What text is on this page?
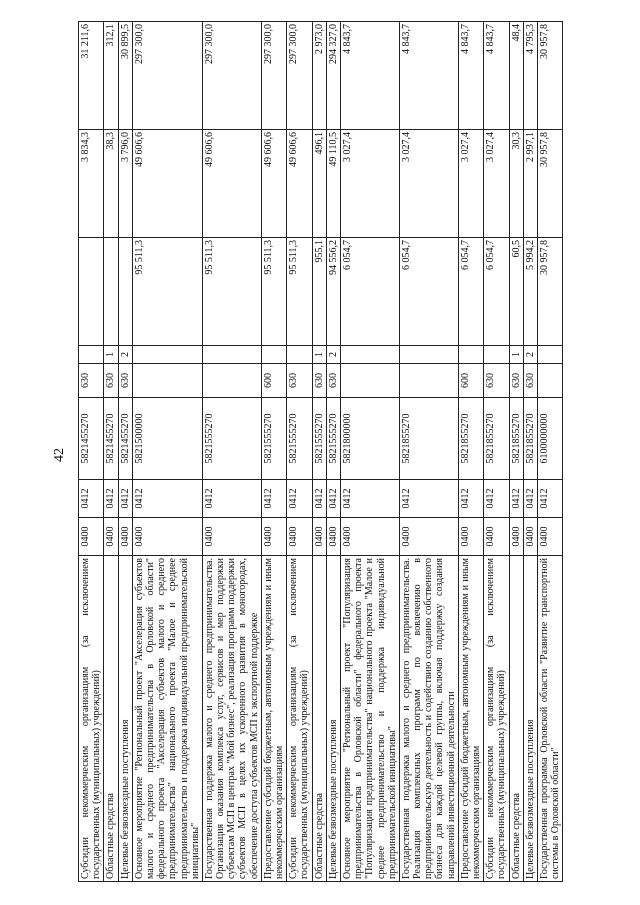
42
Субсидии некоммерческим организациям (за исключением государственных (муниципальных) учреждений)	0400	0412	5821455270	630			3 834,3	31 211,6
Областные средства	0400	0412	5821455270	630	1		38,3	312,1
Целевые безвозмездные поступления	0400	0412	5821455270	630	2		3 796,0	30 899,5
Основное мероприятие "Региональный проект "Акселерация субъектов малого и среднего предпринимательства в Орловской области" федерального проекта "Акселерация субъектов малого и среднего предпринимательства" национального проекта "Малое и среднее предпринимательство и поддержка индивидуальной предпринимательской инициативы"	0400	0412	5821500000			95 511,3	49 606,6	297 300,0
Государственная поддержка малого и среднего предпринимательства. Организация оказания комплекса услуг, сервисов и мер поддержки субъектам МСП в центрах "Мой бизнес", реализация программ поддержки субъектов МСП в целях их ускоренного развития в моногородах, обеспечение доступа субъектов МСП к экспортной поддержке	0400	0412	5821555270			95 511,3	49 606,6	297 300,0
Предоставление субсидий бюджетным, автономным учреждениям и иным некоммерческим организациям	0400	0412	5821555270	600		95 511,3	49 606,6	297 300,0
Субсидии некоммерческим организациям (за исключением государственных (муниципальных) учреждений)	0400	0412	5821555270	630		95 511,3	49 606,6	297 300,0
Областные средства	0400	0412	5821555270	630	1	955,1	496,1	2 973,0
Целевые безвозмездные поступления	0400	0412	5821555270	630	2	94 556,2	49 110,5	294 327,0
Основное мероприятие "Региональный проект "Популяризация предпринимательства в Орловской области" федерального проекта "Популяризация предпринимательства" национального проекта "Малое и среднее предпринимательство и поддержка индивидуальной предпринимательской инициативы"	0400	0412	5821800000			6 054,7	3 027,4	4 843,7
Государственная поддержка малого и среднего предпринимательства. Реализация комплексных программ по вовлечению в предпринимательскую деятельность и содействию созданию собственного бизнеса для каждой целевой группы, включая поддержку создания направлений инвестиционной деятельности	0400	0412	5821855270			6 054,7	3 027,4	4 843,7
Предоставление субсидий бюджетным, автономным учреждениям и иным некоммерческим организациям	0400	0412	5821855270	600		6 054,7	3 027,4	4 843,7
Субсидии некоммерческим организациям (за исключением государственных (муниципальных) учреждений)	0400	0412	5821855270	630		6 054,7	3 027,4	4 843,7
Областные средства	0400	0412	5821855270	630	1	60,5	30,3	48,4
Целевые безвозмездные поступления	0400	0412	5821855270	630	2	5 994,2	2 997,1	4 795,3
Государственная программа Орловской области "Развитие транспортной системы в Орловской области"	0400	0412	6100000000			30 957,8	30 957,8	30 957,8
